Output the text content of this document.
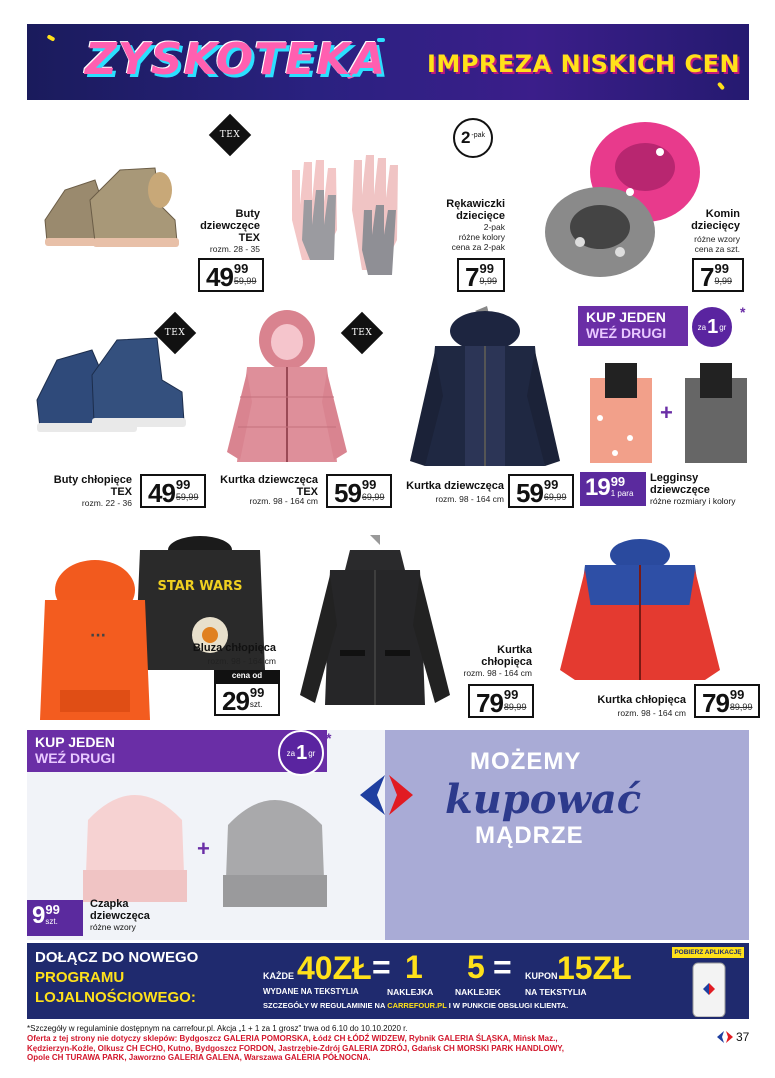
ZYSKOTEKA IMPREZA NISKICH CEN
TEX
Buty
dziewczęce
TEX
rozm. 28 - 35
49 99
59,99
2 -pak
Rękawiczki
dziecięce
2-pak
różne kolory
cena za 2-pak
7 99
9,99
Komin
dziecięcy
różne wzory
cena za szt.
7 99
9,99
TEX
Buty chłopięce
TEX
rozm. 22 - 36 49 99
59,99
TEX
Kurtka dziewczęca
TEX
rozm. 98 - 164 cm 59 99
69,99
Kurtka dziewczęca
rozm. 98 - 164 cm 59 99
69,99
KUP JEDEN
WEŹ DRUGI	za 1 gr
*
+
19 99
1 para
Legginsy
dziewczęce
różne rozmiary i kolory
STAR WARS
···
Bluza chłopięca
rozm. 98 - 164 cm
cena od
29 99
szt.
Kurtka
chłopięca
rozm. 98 - 164 cm
79 99
89,99
Kurtka chłopięca
rozm. 98 - 164 cm 79 99
89,99
KUP JEDEN
WEŹ DRUGI	za 1 gr
*
+
9 99
szt.
Czapka
dziewczęca
różne wzory
MOŻEMY
kupować
MĄDRZE
DOŁĄCZ DO NOWEGO
PROGRAMU
LOJALNOŚCIOWEGO:
KAŻDE 40ZŁ
WYDANE NA TEKSTYLIA
= 1
NAKLEJKA
5 =
NAKLEJEK
KUPON 15ZŁ
NA TEKSTYLIA
SZCZEGÓŁY W REGULAMINIE NA CARREFOUR.PL I W PUNKCIE OBSŁUGI KLIENTA.
POBIERZ APLIKACJĘ
*Szczegóły w regulaminie dostępnym na carrefour.pl. Akcja „1 + 1 za 1 grosz" trwa od 6.10 do 10.10.2020 r.
Oferta z tej strony nie dotyczy sklepów: Bydgoszcz GALERIA POMORSKA, Łódź CH ŁÓDŹ WIDZEW, Rybnik GALERIA ŚLĄSKA, Mińsk Maz.,
Kędzierzyn-Koźle, Olkusz CH ECHO, Kutno, Bydgoszcz FORDON, Jastrzębie-Zdrój GALERIA ZDRÓJ, Gdańsk CH MORSKI PARK HANDLOWY,
Opole CH TURAWA PARK, Jaworzno GALERIA GALENA, Warszawa GALERIA PÓŁNOCNA.
37
